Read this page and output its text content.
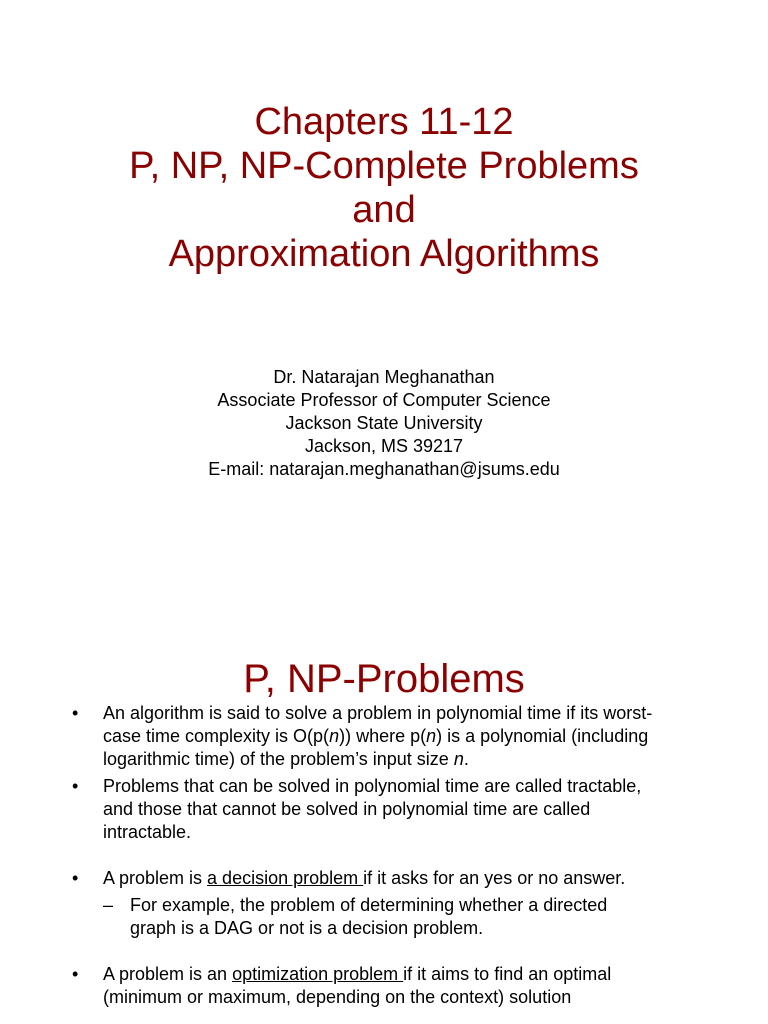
Chapters 11-12
P, NP, NP-Complete Problems
and
Approximation Algorithms
Dr. Natarajan Meghanathan
Associate Professor of Computer Science
Jackson State University
Jackson, MS 39217
E-mail: natarajan.meghanathan@jsums.edu
P, NP-Problems
• An algorithm is said to solve a problem in polynomial time if its worst-
case time complexity is O(p(n)) where p(n) is a polynomial (including
logarithmic time) of the problem’s input size n.
• Problems that can be solved in polynomial time are called tractable,
and those that cannot be solved in polynomial time are called
intractable.
• A problem is a decision problem if it asks for an yes or no answer.
– For example, the problem of determining whether a directed
graph is a DAG or not is a decision problem.
• A problem is an optimization problem if it aims to find an optimal
(minimum or maximum, depending on the context) solution
